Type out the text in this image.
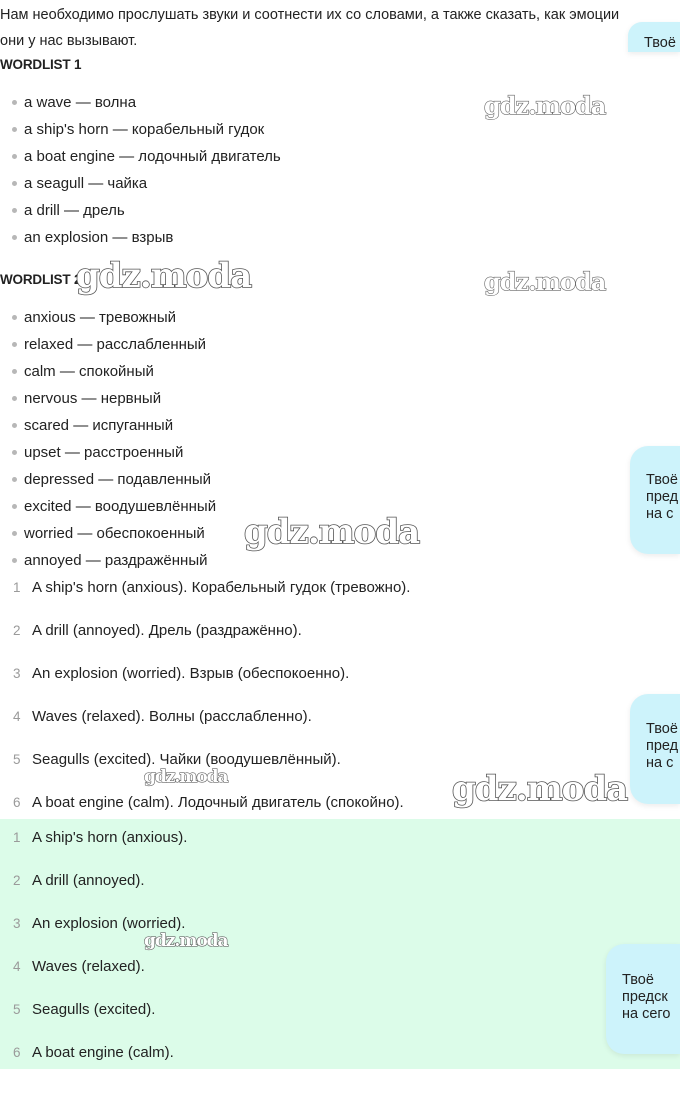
Нам необходимо прослушать звуки и соотнести их со словами, а также сказать, как эмоции они у нас вызывают.

WORDLIST 1
a wave — волна
a ship's horn — корабельный гудок
a boat engine — лодочный двигатель
a seagull — чайка
a drill — дрель
an explosion — взрыв
WORDLIST 2
anxious — тревожный
relaxed — расслабленный
calm — спокойный
nervous — нервный
scared — испуганный
upset — расстроенный
depressed — подавленный
excited — воодушевлённый
worried — обеспокоенный
annoyed — раздражённый
1 A ship's horn (anxious). Корабельный гудок (тревожно).
2 A drill (annoyed). Дрель (раздражённо).
3 An explosion (worried). Взрыв (обеспокоенно).
4 Waves (relaxed). Волны (расслабленно).
5 Seagulls (excited). Чайки (воодушевлённый).
6 A boat engine (calm). Лодочный двигатель (спокойно).
1 A ship's horn (anxious).
2 A drill (annoyed).
3 An explosion (worried).
4 Waves (relaxed).
5 Seagulls (excited).
6 A boat engine (calm).
gdz.moda
gdz.moda	gdz.moda
gdz.moda
gdz.moda	gdz.moda
gdz.moda
Твоё
Твоё
пред
на с
Твоё
пред
на с
Твоё
предск
на сего
